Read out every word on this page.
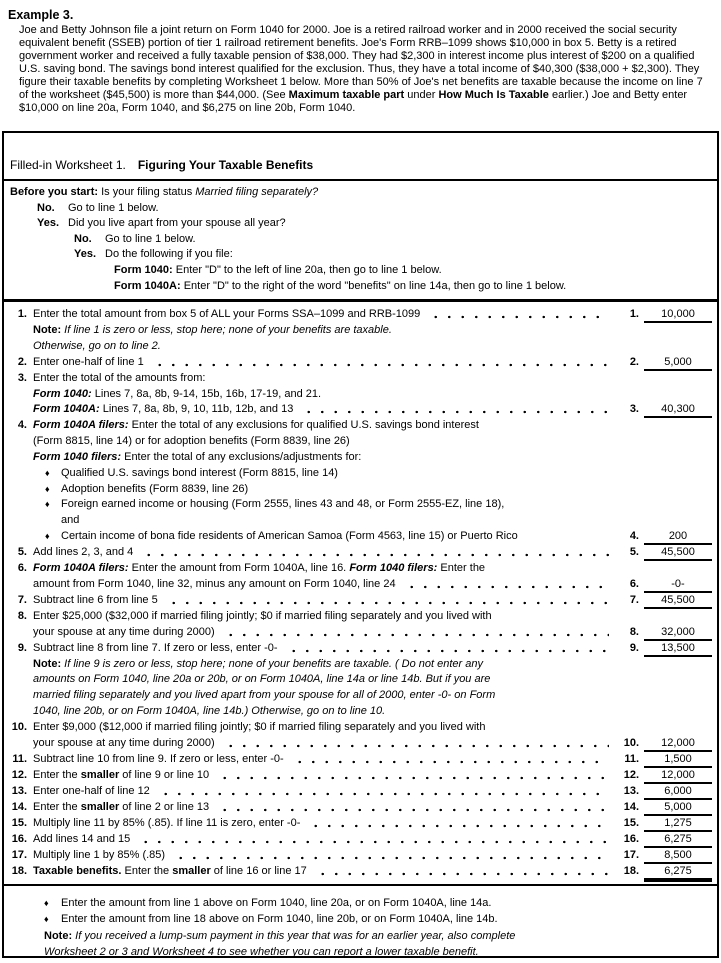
Example 3.

Joe and Betty Johnson file a joint return on Form 1040 for 2000. Joe is a retired railroad worker and in 2000 received the social security equivalent benefit (SSEB) portion of tier 1 railroad retirement benefits. Joe's Form RRB–1099 shows $10,000 in box 5. Betty is a retired government worker and received a fully taxable pension of $38,000. They had $2,300 in interest income plus interest of $200 on a qualified U.S. saving bond. The savings bond interest qualified for the exclusion. Thus, they have a total income of $40,300 ($38,000 + $2,300). They figure their taxable benefits by completing Worksheet 1 below. More than 50% of Joe's net benefits are taxable because the income on line 7 of the worksheet ($45,500) is more than $44,000. (See Maximum taxable part under How Much Is Taxable earlier.) Joe and Betty enter $10,000 on line 20a, Form 1040, and $6,275 on line 20b, Form 1040.

Filled-in Worksheet 1. Figuring Your Taxable Benefits
Before you start: Is your filing status Married filing separately?
No.	Go to line 1 below.
Yes. Did you live apart from your spouse all year?
No.	Go to line 1 below.
Yes. Do the following if you file:
Form 1040: Enter "D" to the left of line 20a, then go to line 1 below.
Form 1040A: Enter "D" to the right of the word "benefits" on line 14a, then go to line 1 below.
1. Enter the total amount from box 5 of ALL your Forms SSA–1099 and RRB-1099	1.	10,000
Note: If line 1 is zero or less, stop here; none of your benefits are taxable.
Otherwise, go on to line 2.
2. Enter one-half of line 1	2.	5,000
3. Enter the total of the amounts from:
Form 1040: Lines 7, 8a, 8b, 9-14, 15b, 16b, 17-19, and 21.
Form 1040A: Lines 7, 8a, 8b, 9, 10, 11b, 12b, and 13	3.	40,300
4. Form 1040A filers: Enter the total of any exclusions for qualified U.S. savings bond interest
(Form 8815, line 14) or for adoption benefits (Form 8839, line 26)
Form 1040 filers: Enter the total of any exclusions/adjustments for:
♦	Qualified U.S. savings bond interest (Form 8815, line 14)
♦	Adoption benefits (Form 8839, line 26)
♦	Foreign earned income or housing (Form 2555, lines 43 and 48, or Form 2555-EZ, line 18),
and
♦	Certain income of bona fide residents of American Samoa (Form 4563, line 15) or Puerto Rico	4.	200
5. Add lines 2, 3, and 4	5.	45,500
6. Form 1040A filers: Enter the amount from Form 1040A, line 16. Form 1040 filers: Enter the
amount from Form 1040, line 32, minus any amount on Form 1040, line 24	6.	-0-
7. Subtract line 6 from line 5	7.	45,500
8. Enter $25,000 ($32,000 if married filing jointly; $0 if married filing separately and you lived with
your spouse at any time during 2000)	8.	32,000
9. Subtract line 8 from line 7. If zero or less, enter -0-	9.	13,500
Note: If line 9 is zero or less, stop here; none of your benefits are taxable. ( Do not enter any
amounts on Form 1040, line 20a or 20b, or on Form 1040A, line 14a or line 14b. But if you are
married filing separately and you lived apart from your spouse for all of 2000, enter -0- on Form
1040, line 20b, or on Form 1040A, line 14b.) Otherwise, go on to line 10.
10. Enter $9,000 ($12,000 if married filing jointly; $0 if married filing separately and you lived with
your spouse at any time during 2000)	10.	12,000
11. Subtract line 10 from line 9. If zero or less, enter -0-	11.	1,500
12. Enter the smaller of line 9 or line 10	12.	12,000
13. Enter one-half of line 12	13.	6,000
14. Enter the smaller of line 2 or line 13	14.	5,000
15. Multiply line 11 by 85% (.85). If line 11 is zero, enter -0-	15.	1,275
16. Add lines 14 and 15	16.	6,275
17. Multiply line 1 by 85% (.85)	17.	8,500
18. Taxable benefits. Enter the smaller of line 16 or line 17	18.	6,275
♦	Enter the amount from line 1 above on Form 1040, line 20a, or on Form 1040A, line 14a.
♦	Enter the amount from line 18 above on Form 1040, line 20b, or on Form 1040A, line 14b.
Note: If you received a lump-sum payment in this year that was for an earlier year, also complete
Worksheet 2 or 3 and Worksheet 4 to see whether you can report a lower taxable benefit.
